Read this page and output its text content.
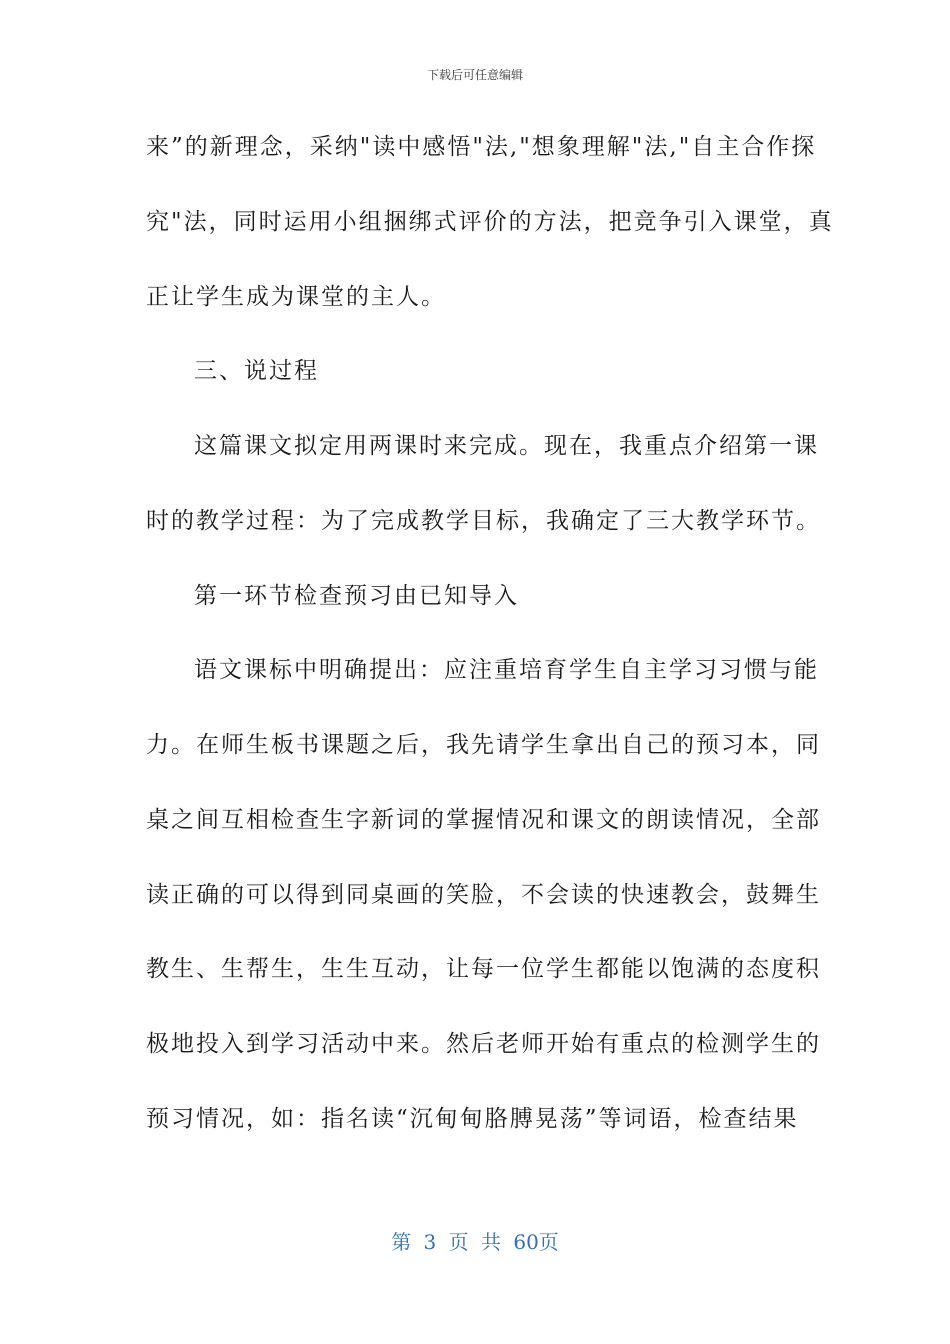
下载后可任意编辑
来”的新理念，采纳"读中感悟"法,"想象理解"法,"自主合作探
究"法，同时运用小组捆绑式评价的方法，把竞争引入课堂，真
正让学生成为课堂的主人。
三、说过程
这篇课文拟定用两课时来完成。现在，我重点介绍第一课
时的教学过程：为了完成教学目标，我确定了三大教学环节。
第一环节检查预习由已知导入
语文课标中明确提出：应注重培育学生自主学习习惯与能
力。在师生板书课题之后，我先请学生拿出自己的预习本，同
桌之间互相检查生字新词的掌握情况和课文的朗读情况，全部
读正确的可以得到同桌画的笑脸，不会读的快速教会，鼓舞生
教生、生帮生，生生互动，让每一位学生都能以饱满的态度积
极地投入到学习活动中来。然后老师开始有重点的检测学生的
预习情况，如：指名读“沉甸甸胳膊晃荡”等词语，检查结果
第 3 页 共 60页
